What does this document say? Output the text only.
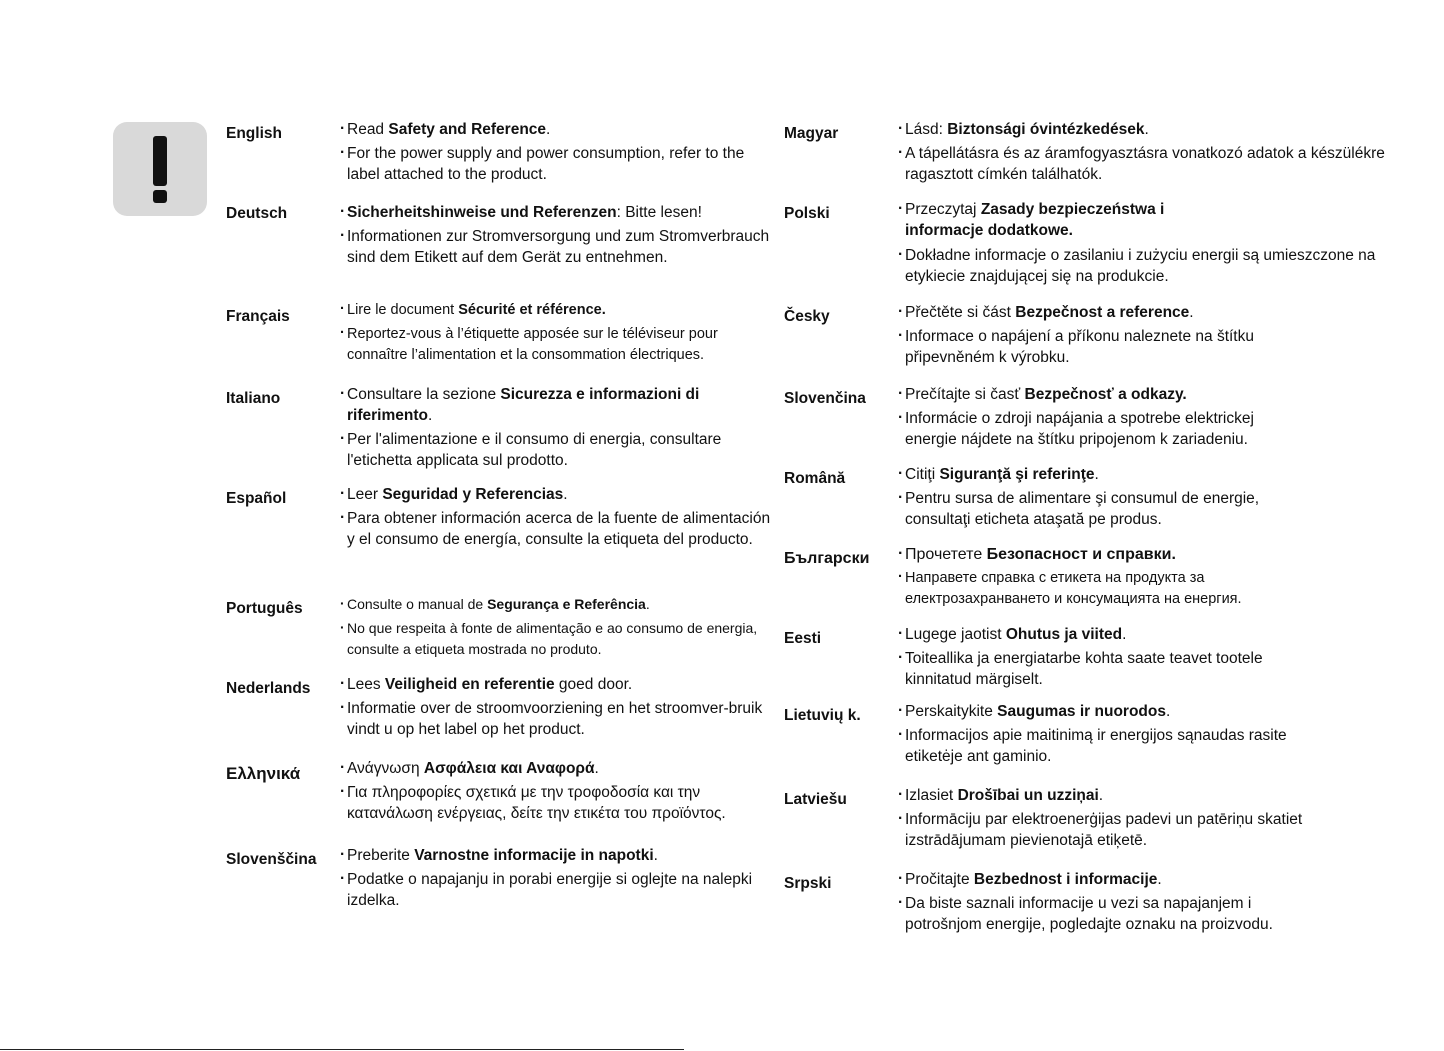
English	· Read Safety and Reference.
· For the power supply and power consumption, refer to the label attached to the product.
Deutsch	· Sicherheitshinweise und Referenzen: Bitte lesen!
· Informationen zur Stromversorgung und zum Stromverbrauch sind dem Etikett auf dem Gerät zu entnehmen.
Français	· Lire le document Sécurité et référence.
· Reportez-vous à l’étiquette apposée sur le téléviseur pour connaître l’alimentation et la consommation électriques.
Italiano	· Consultare la sezione Sicurezza e informazioni di riferimento.
· Per l'alimentazione e il consumo di energia, consultare l'etichetta applicata sul prodotto.
Español	· Leer Seguridad y Referencias.
· Para obtener información acerca de la fuente de alimentación y el consumo de energía, consulte la etiqueta del producto.
Português	· Consulte o manual de Segurança e Referência.
· No que respeita à fonte de alimentação e ao consumo de energia, consulte a etiqueta mostrada no produto.
Nederlands	· Lees Veiligheid en referentie goed door.
· Informatie over de stroomvoorziening en het stroomver-bruik vindt u op het label op het product.
Ελληνικά	· Ανάγνωση Ασφάλεια και Αναφορά.
· Για πληροφορίες σχετικά με την τροφοδοσία και την κατανάλωση ενέργειας, δείτε την ετικέτα του προϊόντος.
Slovenščina	· Preberite Varnostne informacije in napotki.
· Podatke o napajanju in porabi energije si oglejte na nalepki izdelka.
Magyar	· Lásd: Biztonsági óvintézkedések.
· A tápellátásra és az áramfogyasztásra vonatkozó adatok a készülékre ragasztott címkén találhatók.
Polski	· Przeczytaj Zasady bezpieczeństwa i informacje dodatkowe.
· Dokładne informacje o zasilaniu i zużyciu energii są umieszczone na etykiecie znajdującej się na produkcie.
Česky	· Přečtěte si část Bezpečnost a reference.
· Informace o napájení a příkonu naleznete na štítku připevněném k výrobku.
Slovenčina	· Prečítajte si časť Bezpečnosť a odkazy.
· Informácie o zdroji napájania a spotrebe elektrickej energie nájdete na štítku pripojenom k zariadeniu.
Română	· Citiţi Siguranţă şi referinţe.
· Pentru sursa de alimentare şi consumul de energie, consultaţi eticheta ataşată pe produs.
Български	· Прочетете Безопасност и справки.
· Направете справка с етикета на продукта за електрозахранването и консумацията на енергия.
Eesti	· Lugege jaotist Ohutus ja viited.
· Toiteallika ja energiatarbe kohta saate teavet tootele kinnitatud märgiselt.
Lietuvių k.	· Perskaitykite Saugumas ir nuorodos.
· Informacijos apie maitinimą ir energijos sąnaudas rasite etiketėje ant gaminio.
Latviešu	· Izlasiet Drošībai un uzziņai.
· Informāciju par elektroenerģijas padevi un patēriņu skatiet izstrādājumam pievienotajā etiķetē.
Srpski	· Pročitajte Bezbednost i informacije.
· Da biste saznali informacije u vezi sa napajanjem i potrošnjom energije, pogledajte oznaku na proizvodu.
